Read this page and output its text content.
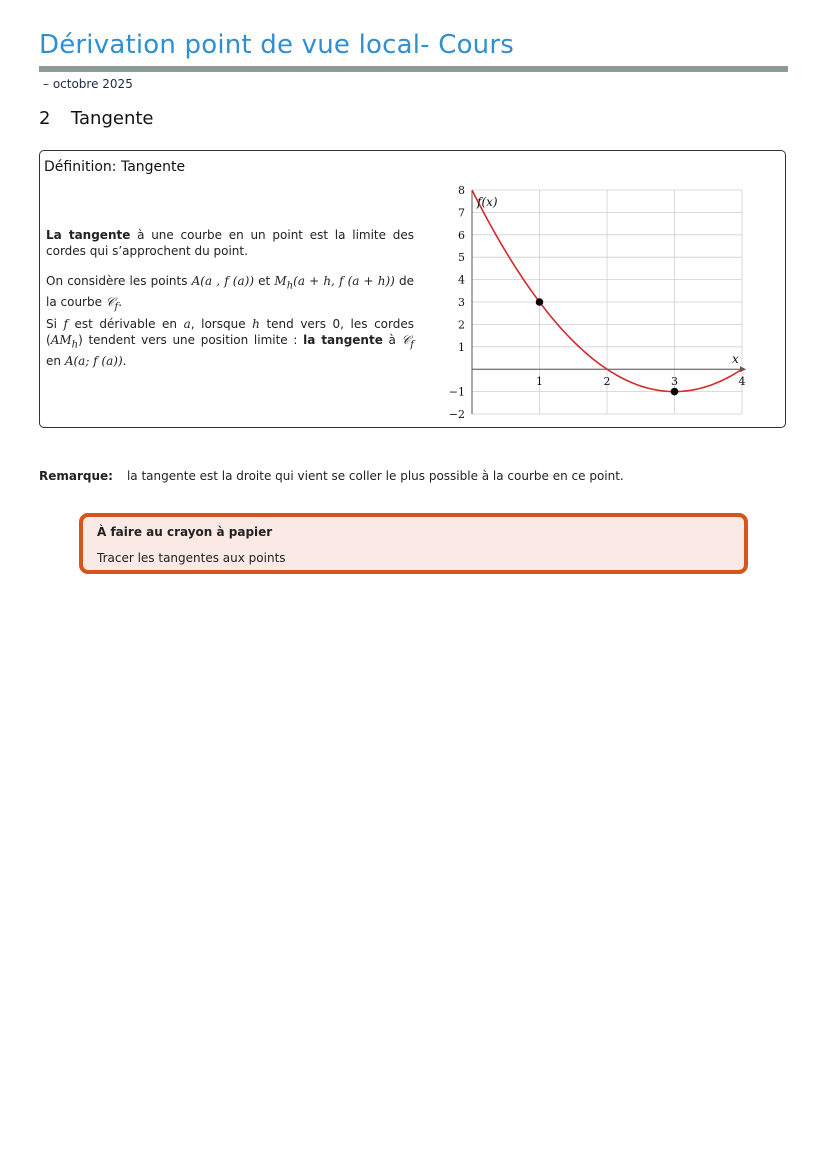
Dérivation point de vue local- Cours
– octobre 2025
2 Tangente
Définition: Tangente

La tangente à une courbe en un point est la limite des cordes qui s’approchent du point.

On considère les points A(a , f (a)) et $M_h(a + h$, f (a + h)) de la courbe 𝒞$_f$.

Si f est dérivable en a, lorsque h tend vers 0, les cordes $(AM_h)$ tendent vers une position limite : la tangente à 𝒞$_f$ en A(a; f (a)).

1	2	3	4
8
7
6
5
4
3
2
1
−1
−2
x
f(x)
Remarque: la tangente est la droite qui vient se coller le plus possible à la courbe en ce point.
À faire au crayon à papier
Tracer les tangentes aux points
